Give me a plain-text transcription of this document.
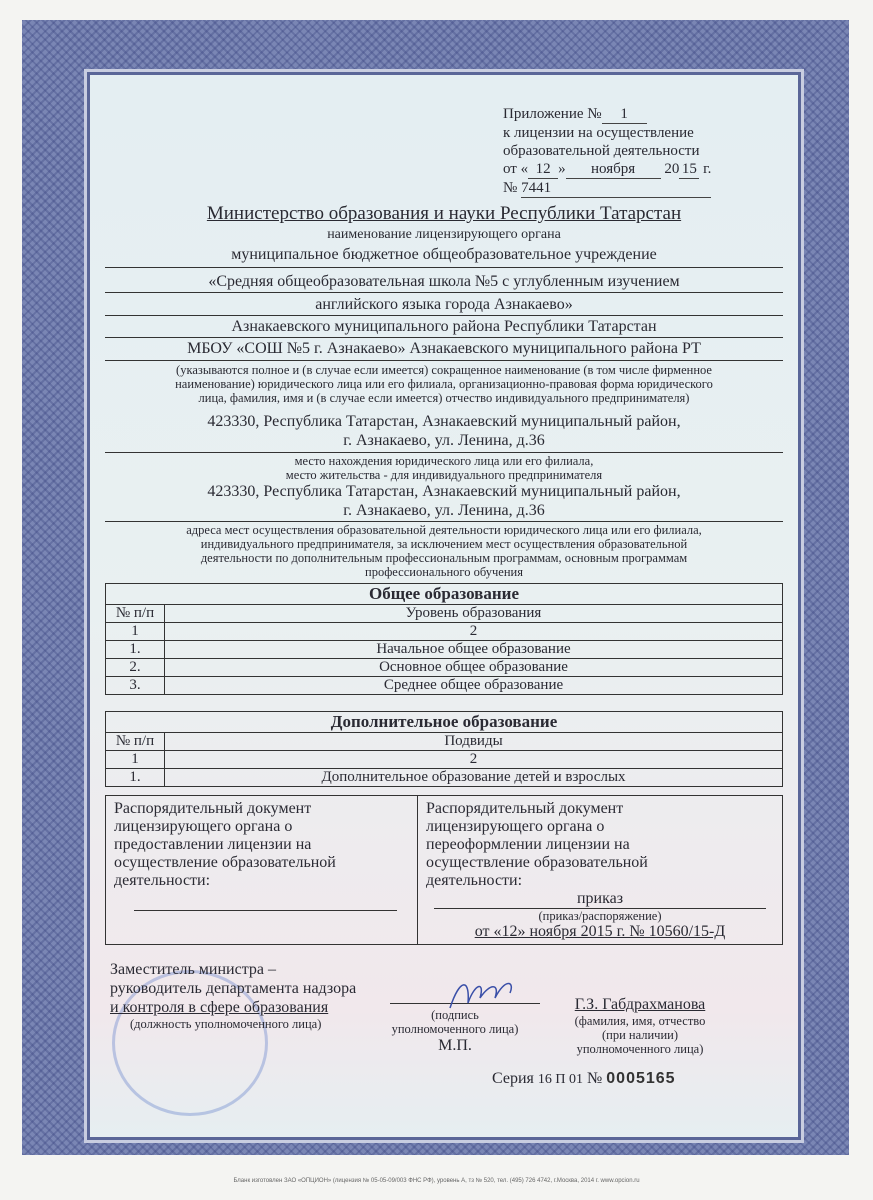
Приложение № 1
к лицензии на осуществление
образовательной деятельности
от « 12 » ноября 20 15 г.
№ 7441
Министерство образования и науки Республики Татарстан
наименование лицензирующего органа
муниципальное бюджетное общеобразовательное учреждение
«Средняя общеобразовательная школа №5 с углубленным изучением
английского языка города Азнакаево»
Азнакаевского муниципального района Республики Татарстан
МБОУ «СОШ №5 г. Азнакаево» Азнакаевского муниципального района РТ
(указываются полное и (в случае если имеется) сокращенное наименование (в том числе фирменное
наименование) юридического лица или его филиала, организационно-правовая форма юридического
лица, фамилия, имя и (в случае если имеется) отчество индивидуального предпринимателя)
423330, Республика Татарстан, Азнакаевский муниципальный район,
г. Азнакаево, ул. Ленина, д.36
место нахождения юридического лица или его филиала,
место жительства - для индивидуального предпринимателя
423330, Республика Татарстан, Азнакаевский муниципальный район,
г. Азнакаево, ул. Ленина, д.36
адреса мест осуществления образовательной деятельности юридического лица или его филиала,
индивидуального предпринимателя, за исключением мест осуществления образовательной
деятельности по дополнительным профессиональным программам, основным программам
профессионального обучения
Общее образование	
№ п/п	Уровень образования
1	2
1.	Начальное общее образование
2.	Основное общее образование
3.	Среднее общее образование
Дополнительное образование	
№ п/п	Подвиды
1	2
1.	Дополнительное образование детей и взрослых
Распорядительный документ
лицензирующего органа о
предоставлении лицензии на
осуществление образовательной
деятельности:
Распорядительный документ
лицензирующего органа о
переоформлении лицензии на
осуществление образовательной
деятельности:
приказ
(приказ/распоряжение)
от «12» ноября 2015 г. № 10560/15-Д
Заместитель министра –
руководитель департамента надзора
и контроля в сфере образования
(должность уполномоченного лица)
(подпись
уполномоченного лица)
М.П.
Г.З. Габдрахманова
(фамилия, имя, отчество
(при наличии)
уполномоченного лица)
Серия 16 П 01 № 0005165
Бланк изготовлен ЗАО «ОПЦИОН» (лицензия № 05-05-09/003 ФНС РФ), уровень А, тз № 520, тел. (495) 726 4742, г.Москва, 2014 г. www.opcion.ru
